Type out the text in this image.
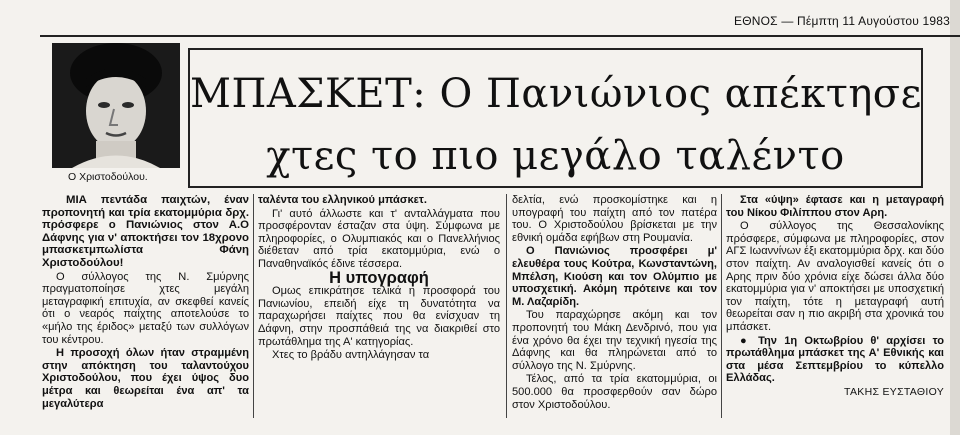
ΕΘΝΟΣ — Πέμπτη 11 Αυγούστου 1983
Ο Χριστοδούλου.
ΜΠΑΣΚΕΤ: Ο Πανιώνιος απέκτησε
χτες το πιο μεγάλο ταλέντο

ΜΙΑ πεντάδα παιχτών, έναν προπονητή και τρία εκατομμύρια δρχ. πρόσφερε ο Πανιώνιος στον Α.Ο Δάφνης για ν' αποκτήσει τον 18χρονο μπασκετμπωλίστα Φάνη Χριστοδούλου!

Ο σύλλογος της Ν. Σμύρνης πραγματοποίησε χτες μεγάλη μεταγραφική επιτυχία, αν σκεφθεί κανείς ότι ο νεαρός παίχτης αποτελούσε το «μήλο της έριδος» μεταξύ των συλλόγων του κέντρου.

Η προσοχή όλων ήταν στραμμένη στην απόκτηση του ταλαντούχου Χριστοδούλου, που έχει ύψος δυο μέτρα και θεωρείται ένα απ' τα μεγαλύτερα

ταλέντα του ελληνικού μπάσκετ.

Γι' αυτό άλλωστε και τ' ανταλλάγματα που προσφέρονταν έσταζαν στα ύψη. Σύμφωνα με πληροφορίες, ο Ολυμπιακός και ο Πανελλήνιος διέθεταν από τρία εκατομμύρια, ενώ ο Παναθηναϊκός έδινε τέσσερα.

Η υπογραφή

Ομως επικράτησε τελικά η προσφορά του Πανιωνίου, επειδή είχε τη δυνατότητα να παραχωρήσει παίχτες που θα ενίσχυαν τη Δάφνη, στην προσπάθειά της να διακριθεί στο πρωτάθλημα της Α' κατηγορίας.

Χτες το βράδυ αντηλλάγησαν τα

δελτία, ενώ προσκομίστηκε και η υπογραφή του παίχτη από τον πατέρα του. Ο Χριστοδούλου βρίσκεται με την εθνική ομάδα εφήβων στη Ρουμανία.

Ο Πανιώνιος προσφέρει μ' ελευθέρα τους Κούτρα, Κωνσταντώνη, Μπέλση, Κιούση και τον Ολύμπιο με υποσχετική. Ακόμη πρότεινε και τον Μ. Λαζαρίδη.

Του παραχώρησε ακόμη και τον προπονητή του Μάκη Δενδρινό, που για ένα χρόνο θα έχει την τεχνική ηγεσία της Δάφνης και θα πληρώνεται από το σύλλογο της Ν. Σμύρνης.

Τέλος, από τα τρία εκατομμύρια, οι 500.000 θα προσφερθούν σαν δώρο στον Χριστοδούλου.

Στα «ύψη» έφτασε και η μεταγραφή του Νίκου Φιλίππου στον Αρη.

Ο σύλλογος της Θεσσαλονίκης πρόσφερε, σύμφωνα με πληροφορίες, στον ΑΓΣ Ιωαννίνων έξι εκατομμύρια δρχ. και δύο στον παίχτη. Αν αναλογισθεί κανείς ότι ο Αρης πριν δύο χρόνια είχε δώσει άλλα δύο εκατομμύρια για ν' αποκτήσει με υποσχετική τον παίχτη, τότε η μεταγραφή αυτή θεωρείται σαν η πιο ακριβή στα χρονικά του μπάσκετ.

● Την 1η Οκτωβρίου θ' αρχίσει το πρωτάθλημα μπάσκετ της Α' Εθνικής και στα μέσα Σεπτεμβρίου το κύπελλο Ελλάδας.

ΤΑΚΗΣ ΕΥΣΤΑΘΙΟΥ
